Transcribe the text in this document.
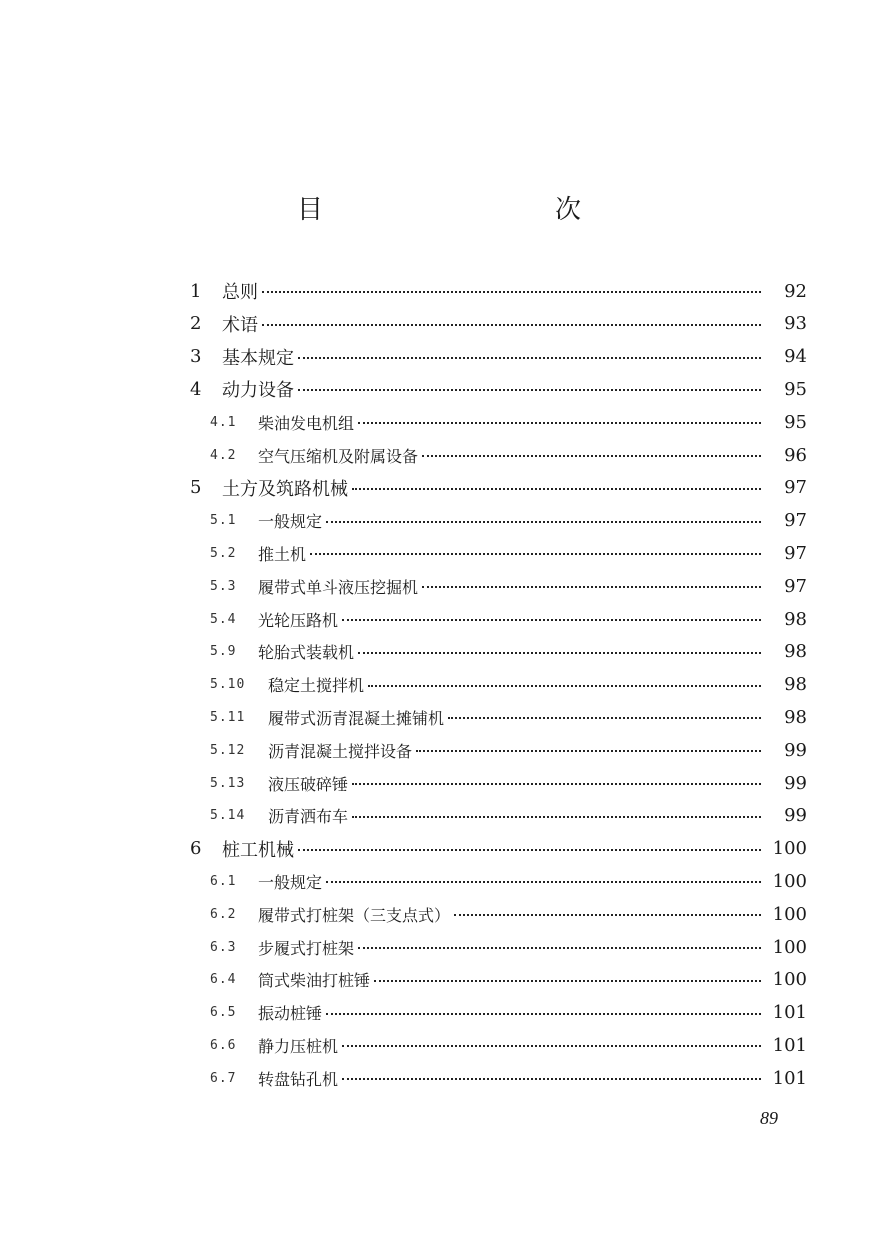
目　　次
1	总则	92
2	术语	93
3	基本规定	94
4	动力设备	95
4.1	柴油发电机组	95
4.2	空气压缩机及附属设备	96
5	土方及筑路机械	97
5.1	一般规定	97
5.2	推土机	97
5.3	履带式单斗液压挖掘机	97
5.4	光轮压路机	98
5.9	轮胎式装载机	98
5.10	稳定土搅拌机	98
5.11	履带式沥青混凝土摊铺机	98
5.12	沥青混凝土搅拌设备	99
5.13	液压破碎锤	99
5.14	沥青洒布车	99
6	桩工机械	100
6.1	一般规定	100
6.2	履带式打桩架（三支点式）	100
6.3	步履式打桩架	100
6.4	筒式柴油打桩锤	100
6.5	振动桩锤	101
6.6	静力压桩机	101
6.7	转盘钻孔机	101
89
